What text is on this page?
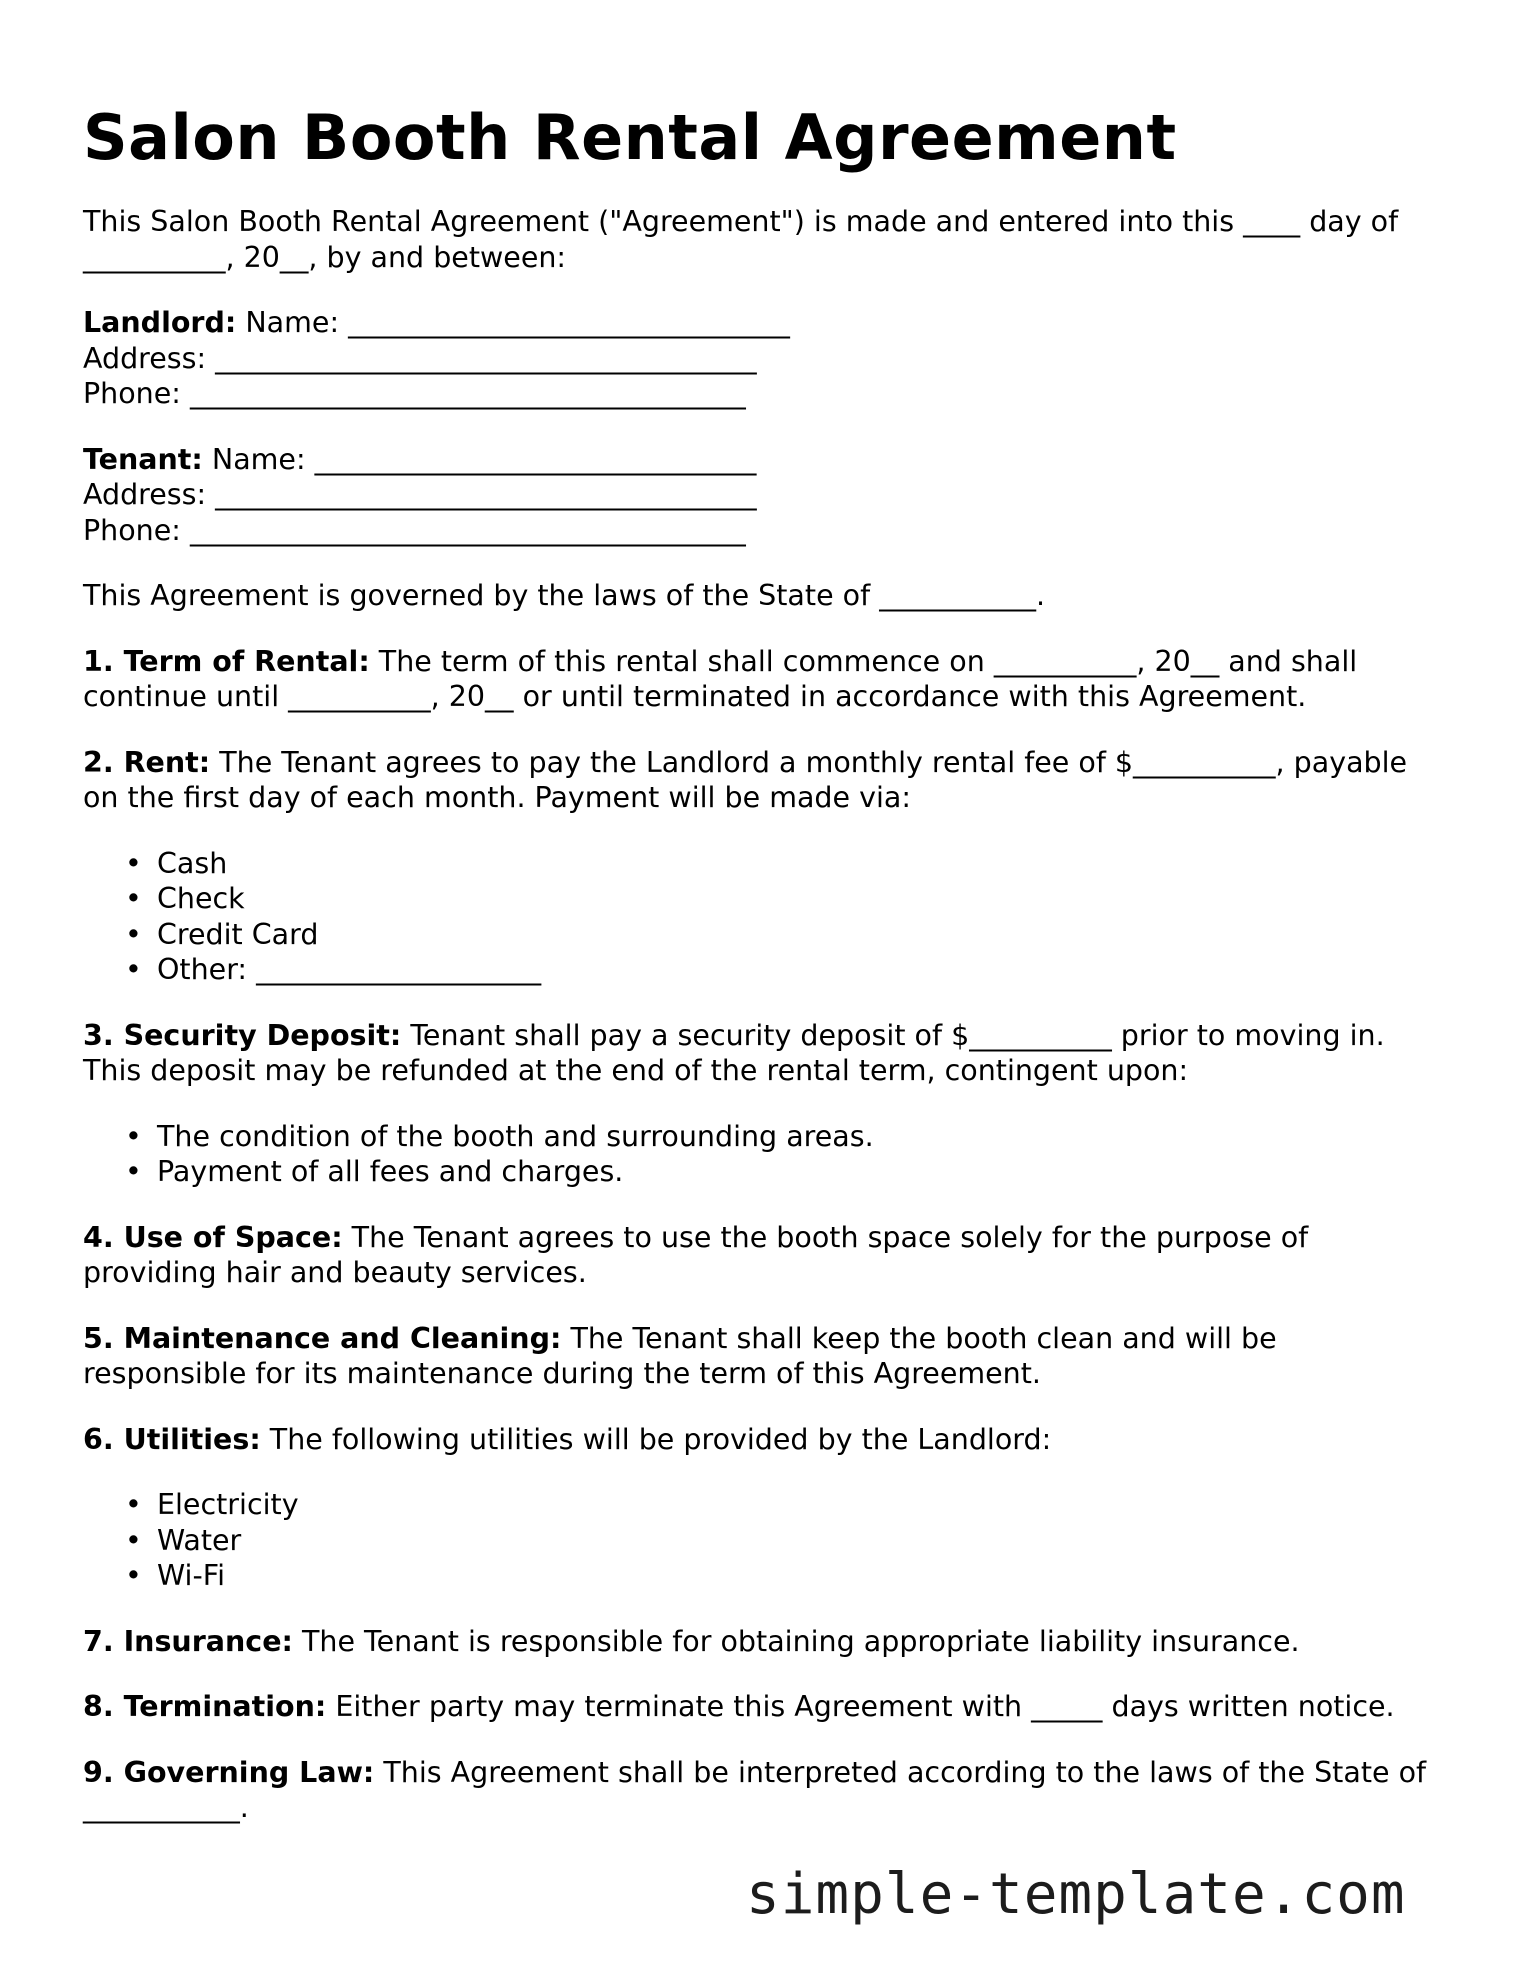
Salon Booth Rental Agreement

This Salon Booth Rental Agreement ("Agreement") is made and entered into this ____ day of __________, 20__, by and between:

Landlord: Name: _______________________________
Address: ______________________________________
Phone: _______________________________________
Tenant: Name: _______________________________
Address: ______________________________________
Phone: _______________________________________

This Agreement is governed by the laws of the State of ___________.

1. Term of Rental: The term of this rental shall commence on __________, 20__ and shall continue until __________, 20__ or until terminated in accordance with this Agreement.

2. Rent: The Tenant agrees to pay the Landlord a monthly rental fee of $__________, payable on the first day of each month. Payment will be made via:

• Cash
• Check
• Credit Card
• Other: ____________________

3. Security Deposit: Tenant shall pay a security deposit of $__________ prior to moving in. This deposit may be refunded at the end of the rental term, contingent upon:

• The condition of the booth and surrounding areas.
• Payment of all fees and charges.

4. Use of Space: The Tenant agrees to use the booth space solely for the purpose of providing hair and beauty services.

5. Maintenance and Cleaning: The Tenant shall keep the booth clean and will be responsible for its maintenance during the term of this Agreement.

6. Utilities: The following utilities will be provided by the Landlord:

• Electricity
• Water
• Wi-Fi

7. Insurance: The Tenant is responsible for obtaining appropriate liability insurance.

8. Termination: Either party may terminate this Agreement with _____ days written notice.

9. Governing Law: This Agreement shall be interpreted according to the laws of the State of ___________.

simple-template.com
